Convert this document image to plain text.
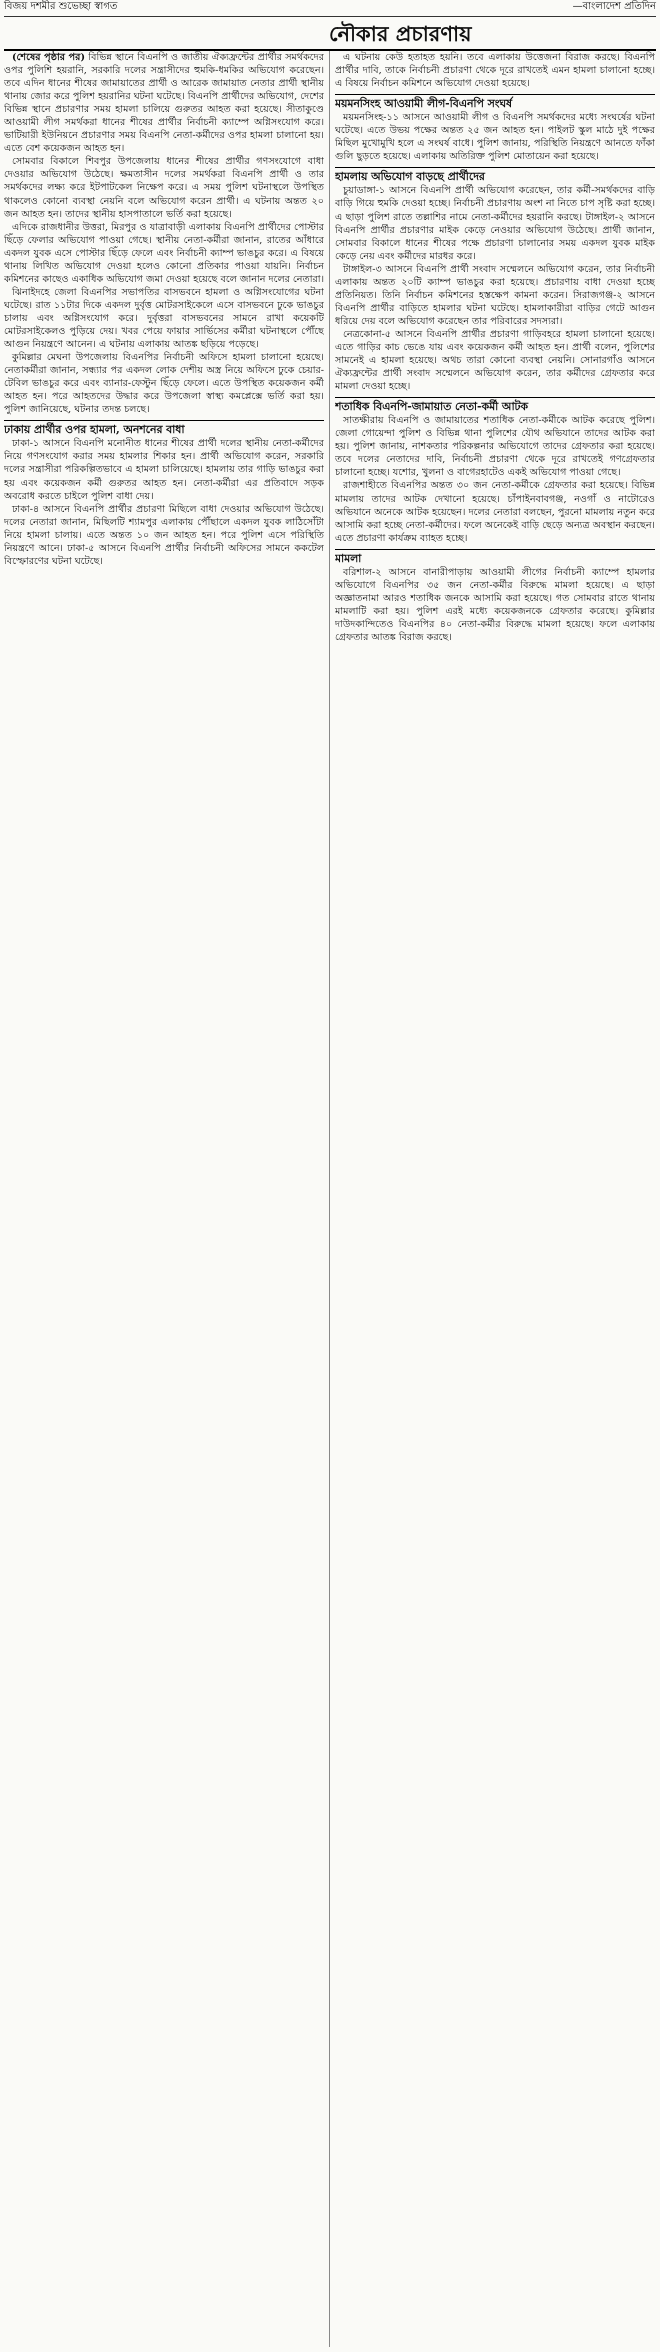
বিজয় দশমীর শুভেচ্ছা স্বাগত	—বাংলাদেশ প্রতিদিন
নৌকার প্রচারণায়

(শেষের পৃষ্ঠার পর) বিভিন্ন স্থানে বিএনপি ও জাতীয় ঐক্যফ্রন্টের প্রার্থীর সমর্থকদের ওপর পুলিশি হয়রানি, সরকারি দলের সন্ত্রাসীদের হুমকি-ধমকির অভিযোগ করেছেন। তবে এদিন ধানের শীষের জামায়াতের প্রার্থী ও আরেক জামায়াত নেতার প্রার্থী স্থানীয় থানায় জোর করে পুলিশ হয়রানির ঘটনা ঘটেছে। বিএনপি প্রার্থীদের অভিযোগ, দেশের বিভিন্ন স্থানে প্রচারণার সময় হামলা চালিয়ে গুরুতর আহত করা হয়েছে। সীতাকুণ্ডে আওয়ামী লীগ সমর্থকরা ধানের শীষের প্রার্থীর নির্বাচনী ক্যাম্পে অগ্নিসংযোগ করে। ভাটিয়ারী ইউনিয়নে প্রচারণার সময় বিএনপি নেতা-কর্মীদের ওপর হামলা চালানো হয়। এতে বেশ কয়েকজন আহত হন।

সোমবার বিকালে শিবপুর উপজেলায় ধানের শীষের প্রার্থীর গণসংযোগে বাধা দেওয়ার অভিযোগ উঠেছে। ক্ষমতাসীন দলের সমর্থকরা বিএনপি প্রার্থী ও তার সমর্থকদের লক্ষ্য করে ইটপাটকেল নিক্ষেপ করে। এ সময় পুলিশ ঘটনাস্থলে উপস্থিত থাকলেও কোনো ব্যবস্থা নেয়নি বলে অভিযোগ করেন প্রার্থী। এ ঘটনায় অন্তত ২০ জন আহত হন। তাদের স্থানীয় হাসপাতালে ভর্তি করা হয়েছে।

এদিকে রাজধানীর উত্তরা, মিরপুর ও যাত্রাবাড়ী এলাকায় বিএনপি প্রার্থীদের পোস্টার ছিঁড়ে ফেলার অভিযোগ পাওয়া গেছে। স্থানীয় নেতা-কর্মীরা জানান, রাতের আঁধারে একদল যুবক এসে পোস্টার ছিঁড়ে ফেলে এবং নির্বাচনী ক্যাম্প ভাঙচুর করে। এ বিষয়ে থানায় লিখিত অভিযোগ দেওয়া হলেও কোনো প্রতিকার পাওয়া যায়নি। নির্বাচন কমিশনের কাছেও একাধিক অভিযোগ জমা দেওয়া হয়েছে বলে জানান দলের নেতারা।

ঝিনাইদহে জেলা বিএনপির সভাপতির বাসভবনে হামলা ও অগ্নিসংযোগের ঘটনা ঘটেছে। রাত ১১টার দিকে একদল দুর্বৃত্ত মোটরসাইকেলে এসে বাসভবনে ঢুকে ভাঙচুর চালায় এবং অগ্নিসংযোগ করে। দুর্বৃত্তরা বাসভবনের সামনে রাখা কয়েকটি মোটরসাইকেলও পুড়িয়ে দেয়। খবর পেয়ে ফায়ার সার্ভিসের কর্মীরা ঘটনাস্থলে পৌঁছে আগুন নিয়ন্ত্রণে আনেন। এ ঘটনায় এলাকায় আতঙ্ক ছড়িয়ে পড়েছে।

কুমিল্লার মেঘনা উপজেলায় বিএনপির নির্বাচনী অফিসে হামলা চালানো হয়েছে। নেতাকর্মীরা জানান, সন্ধ্যার পর একদল লোক দেশীয় অস্ত্র নিয়ে অফিসে ঢুকে চেয়ার-টেবিল ভাঙচুর করে এবং ব্যানার-ফেস্টুন ছিঁড়ে ফেলে। এতে উপস্থিত কয়েকজন কর্মী আহত হন। পরে আহতদের উদ্ধার করে উপজেলা স্বাস্থ্য কমপ্লেক্সে ভর্তি করা হয়। পুলিশ জানিয়েছে, ঘটনার তদন্ত চলছে।

ঢাকায় প্রার্থীর ওপর হামলা, অনশনের বাধা

ঢাকা-১ আসনে বিএনপি মনোনীত ধানের শীষের প্রার্থী দলের স্থানীয় নেতা-কর্মীদের নিয়ে গণসংযোগ করার সময় হামলার শিকার হন। প্রার্থী অভিযোগ করেন, সরকারি দলের সন্ত্রাসীরা পরিকল্পিতভাবে এ হামলা চালিয়েছে। হামলায় তার গাড়ি ভাঙচুর করা হয় এবং কয়েকজন কর্মী গুরুতর আহত হন। নেতা-কর্মীরা এর প্রতিবাদে সড়ক অবরোধ করতে চাইলে পুলিশ বাধা দেয়।

ঢাকা-৪ আসনে বিএনপি প্রার্থীর প্রচারণা মিছিলে বাধা দেওয়ার অভিযোগ উঠেছে। দলের নেতারা জানান, মিছিলটি শ্যামপুর এলাকায় পৌঁছালে একদল যুবক লাঠিসোঁটা নিয়ে হামলা চালায়। এতে অন্তত ১০ জন আহত হন। পরে পুলিশ এসে পরিস্থিতি নিয়ন্ত্রণে আনে। ঢাকা-৫ আসনে বিএনপি প্রার্থীর নির্বাচনী অফিসের সামনে ককটেল বিস্ফোরণের ঘটনা ঘটেছে।

এ ঘটনায় কেউ হতাহত হয়নি। তবে এলাকায় উত্তেজনা বিরাজ করছে। বিএনপি প্রার্থীর দাবি, তাকে নির্বাচনী প্রচারণা থেকে দূরে রাখতেই এমন হামলা চালানো হচ্ছে। এ বিষয়ে নির্বাচন কমিশনে অভিযোগ দেওয়া হয়েছে।

ময়মনসিংহ আওয়ামী লীগ-বিএনপি সংঘর্ষ

ময়মনসিংহ-১১ আসনে আওয়ামী লীগ ও বিএনপি সমর্থকদের মধ্যে সংঘর্ষের ঘটনা ঘটেছে। এতে উভয় পক্ষের অন্তত ২৫ জন আহত হন। পাইলট স্কুল মাঠে দুই পক্ষের মিছিল মুখোমুখি হলে এ সংঘর্ষ বাধে। পুলিশ জানায়, পরিস্থিতি নিয়ন্ত্রণে আনতে ফাঁকা গুলি ছুড়তে হয়েছে। এলাকায় অতিরিক্ত পুলিশ মোতায়েন করা হয়েছে।

হামলায় অভিযোগ বাড়ছে প্রার্থীদের

চুয়াডাঙ্গা-১ আসনে বিএনপি প্রার্থী অভিযোগ করেছেন, তার কর্মী-সমর্থকদের বাড়ি বাড়ি গিয়ে হুমকি দেওয়া হচ্ছে। নির্বাচনী প্রচারণায় অংশ না নিতে চাপ সৃষ্টি করা হচ্ছে। এ ছাড়া পুলিশ রাতে তল্লাশির নামে নেতা-কর্মীদের হয়রানি করছে। টাঙ্গাইল-২ আসনে বিএনপি প্রার্থীর প্রচারণার মাইক কেড়ে নেওয়ার অভিযোগ উঠেছে। প্রার্থী জানান, সোমবার বিকালে ধানের শীষের পক্ষে প্রচারণা চালানোর সময় একদল যুবক মাইক কেড়ে নেয় এবং কর্মীদের মারধর করে।

টাঙ্গাইল-৩ আসনে বিএনপি প্রার্থী সংবাদ সম্মেলনে অভিযোগ করেন, তার নির্বাচনী এলাকায় অন্তত ২০টি ক্যাম্প ভাঙচুর করা হয়েছে। প্রচারণায় বাধা দেওয়া হচ্ছে প্রতিনিয়ত। তিনি নির্বাচন কমিশনের হস্তক্ষেপ কামনা করেন। সিরাজগঞ্জ-২ আসনে বিএনপি প্রার্থীর বাড়িতে হামলার ঘটনা ঘটেছে। হামলাকারীরা বাড়ির গেটে আগুন ধরিয়ে দেয় বলে অভিযোগ করেছেন তার পরিবারের সদস্যরা।

নেত্রকোনা-৫ আসনে বিএনপি প্রার্থীর প্রচারণা গাড়িবহরে হামলা চালানো হয়েছে। এতে গাড়ির কাচ ভেঙে যায় এবং কয়েকজন কর্মী আহত হন। প্রার্থী বলেন, পুলিশের সামনেই এ হামলা হয়েছে। অথচ তারা কোনো ব্যবস্থা নেয়নি। সোনারগাঁও আসনে ঐক্যফ্রন্টের প্রার্থী সংবাদ সম্মেলনে অভিযোগ করেন, তার কর্মীদের গ্রেফতার করে মামলা দেওয়া হচ্ছে।

শতাধিক বিএনপি-জামায়াত নেতা-কর্মী আটক

সাতক্ষীরায় বিএনপি ও জামায়াতের শতাধিক নেতা-কর্মীকে আটক করেছে পুলিশ। জেলা গোয়েন্দা পুলিশ ও বিভিন্ন থানা পুলিশের যৌথ অভিযানে তাদের আটক করা হয়। পুলিশ জানায়, নাশকতার পরিকল্পনার অভিযোগে তাদের গ্রেফতার করা হয়েছে। তবে দলের নেতাদের দাবি, নির্বাচনী প্রচারণা থেকে দূরে রাখতেই গণগ্রেফতার চালানো হচ্ছে। যশোর, খুলনা ও বাগেরহাটেও একই অভিযোগ পাওয়া গেছে।

রাজশাহীতে বিএনপির অন্তত ৩০ জন নেতা-কর্মীকে গ্রেফতার করা হয়েছে। বিভিন্ন মামলায় তাদের আটক দেখানো হয়েছে। চাঁপাইনবাবগঞ্জ, নওগাঁ ও নাটোরেও অভিযানে অনেকে আটক হয়েছেন। দলের নেতারা বলছেন, পুরনো মামলায় নতুন করে আসামি করা হচ্ছে নেতা-কর্মীদের। ফলে অনেকেই বাড়ি ছেড়ে অন্যত্র অবস্থান করছেন। এতে প্রচারণা কার্যক্রম ব্যাহত হচ্ছে।

মামলা

বরিশাল-২ আসনে বানারীপাড়ায় আওয়ামী লীগের নির্বাচনী ক্যাম্পে হামলার অভিযোগে বিএনপির ৩৫ জন নেতা-কর্মীর বিরুদ্ধে মামলা হয়েছে। এ ছাড়া অজ্ঞাতনামা আরও শতাধিক জনকে আসামি করা হয়েছে। গত সোমবার রাতে থানায় মামলাটি করা হয়। পুলিশ এরই মধ্যে কয়েকজনকে গ্রেফতার করেছে। কুমিল্লার দাউদকান্দিতেও বিএনপির ৪০ নেতা-কর্মীর বিরুদ্ধে মামলা হয়েছে। ফলে এলাকায় গ্রেফতার আতঙ্ক বিরাজ করছে।
